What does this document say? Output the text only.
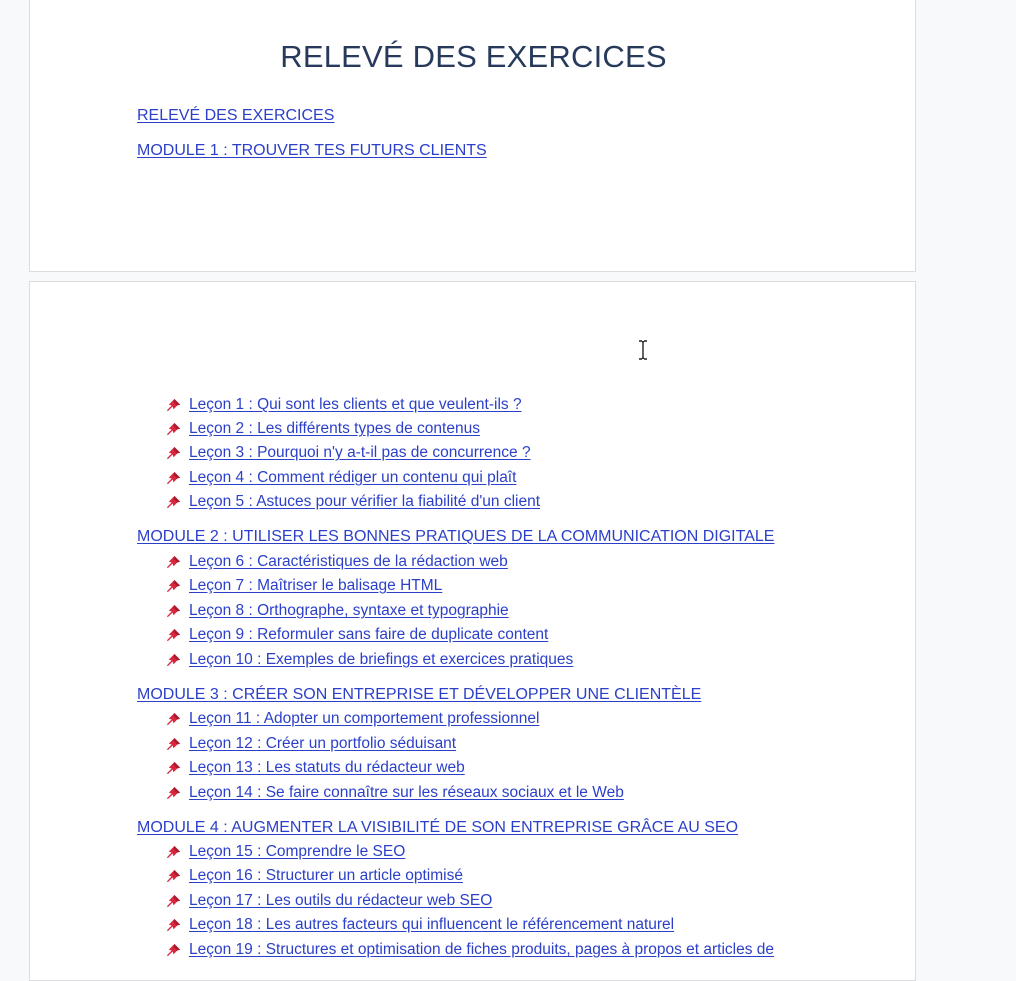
RELEVÉ DES EXERCICES
RELEVÉ DES EXERCICES
MODULE 1 : TROUVER TES FUTURS CLIENTS
Leçon 1 : Qui sont les clients et que veulent-ils ?
Leçon 2 : Les différents types de contenus
Leçon 3 : Pourquoi n'y a-t-il pas de concurrence ?
Leçon 4 : Comment rédiger un contenu qui plaît
Leçon 5 : Astuces pour vérifier la fiabilité d'un client
MODULE 2 : UTILISER LES BONNES PRATIQUES DE LA COMMUNICATION DIGITALE
Leçon 6 : Caractéristiques de la rédaction web
Leçon 7 : Maîtriser le balisage HTML
Leçon 8 : Orthographe, syntaxe et typographie
Leçon 9 : Reformuler sans faire de duplicate content
Leçon 10 : Exemples de briefings et exercices pratiques
MODULE 3 : CRÉER SON ENTREPRISE ET DÉVELOPPER UNE CLIENTÈLE
Leçon 11 : Adopter un comportement professionnel
Leçon 12 : Créer un portfolio séduisant
Leçon 13 : Les statuts du rédacteur web
Leçon 14 : Se faire connaître sur les réseaux sociaux et le Web
MODULE 4 : AUGMENTER LA VISIBILITÉ DE SON ENTREPRISE GRÂCE AU SEO
Leçon 15 : Comprendre le SEO
Leçon 16 : Structurer un article optimisé
Leçon 17 : Les outils du rédacteur web SEO
Leçon 18 : Les autres facteurs qui influencent le référencement naturel
Leçon 19 : Structures et optimisation de fiches produits, pages à propos et articles de
